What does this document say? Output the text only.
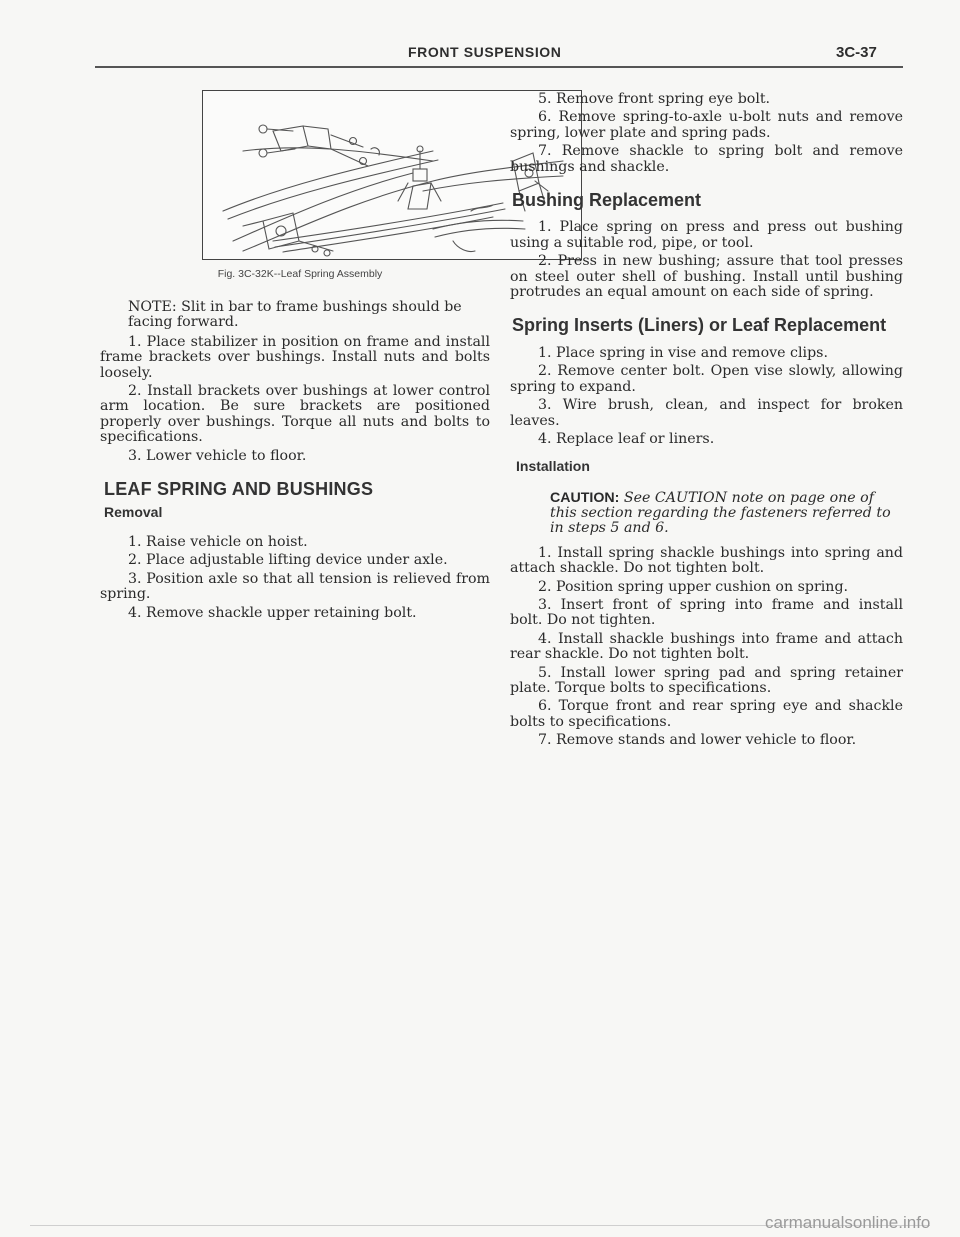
FRONT SUSPENSION	3C-37
Fig. 3C-32K--Leaf Spring Assembly

NOTE: Slit in bar to frame bushings should be facing forward.

1. Place stabilizer in position on frame and install frame brackets over bushings. Install nuts and bolts loosely.

2. Install brackets over bushings at lower control arm location. Be sure brackets are positioned properly over bushings. Torque all nuts and bolts to specifications.

3. Lower vehicle to floor.

LEAF SPRING AND BUSHINGS
Removal

1. Raise vehicle on hoist.

2. Place adjustable lifting device under axle.

3. Position axle so that all tension is relieved from spring.

4. Remove shackle upper retaining bolt.

5. Remove front spring eye bolt.

6. Remove spring-to-axle u-bolt nuts and remove spring, lower plate and spring pads.

7. Remove shackle to spring bolt and remove bushings and shackle.

Bushing Replacement

1. Place spring on press and press out bushing using a suitable rod, pipe, or tool.

2. Press in new bushing; assure that tool presses on steel outer shell of bushing. Install until bushing protrudes an equal amount on each side of spring.

Spring Inserts (Liners) or Leaf Replacement

1. Place spring in vise and remove clips.

2. Remove center bolt. Open vise slowly, allowing spring to expand.

3. Wire brush, clean, and inspect for broken leaves.

4. Replace leaf or liners.

Installation

CAUTION: See CAUTION note on page one of this section regarding the fasteners referred to in steps 5 and 6.

1. Install spring shackle bushings into spring and attach shackle. Do not tighten bolt.

2. Position spring upper cushion on spring.

3. Insert front of spring into frame and install bolt. Do not tighten.

4. Install shackle bushings into frame and attach rear shackle. Do not tighten bolt.

5. Install lower spring pad and spring retainer plate. Torque bolts to specifications.

6. Torque front and rear spring eye and shackle bolts to specifications.

7. Remove stands and lower vehicle to floor.

carmanualsonline.info
